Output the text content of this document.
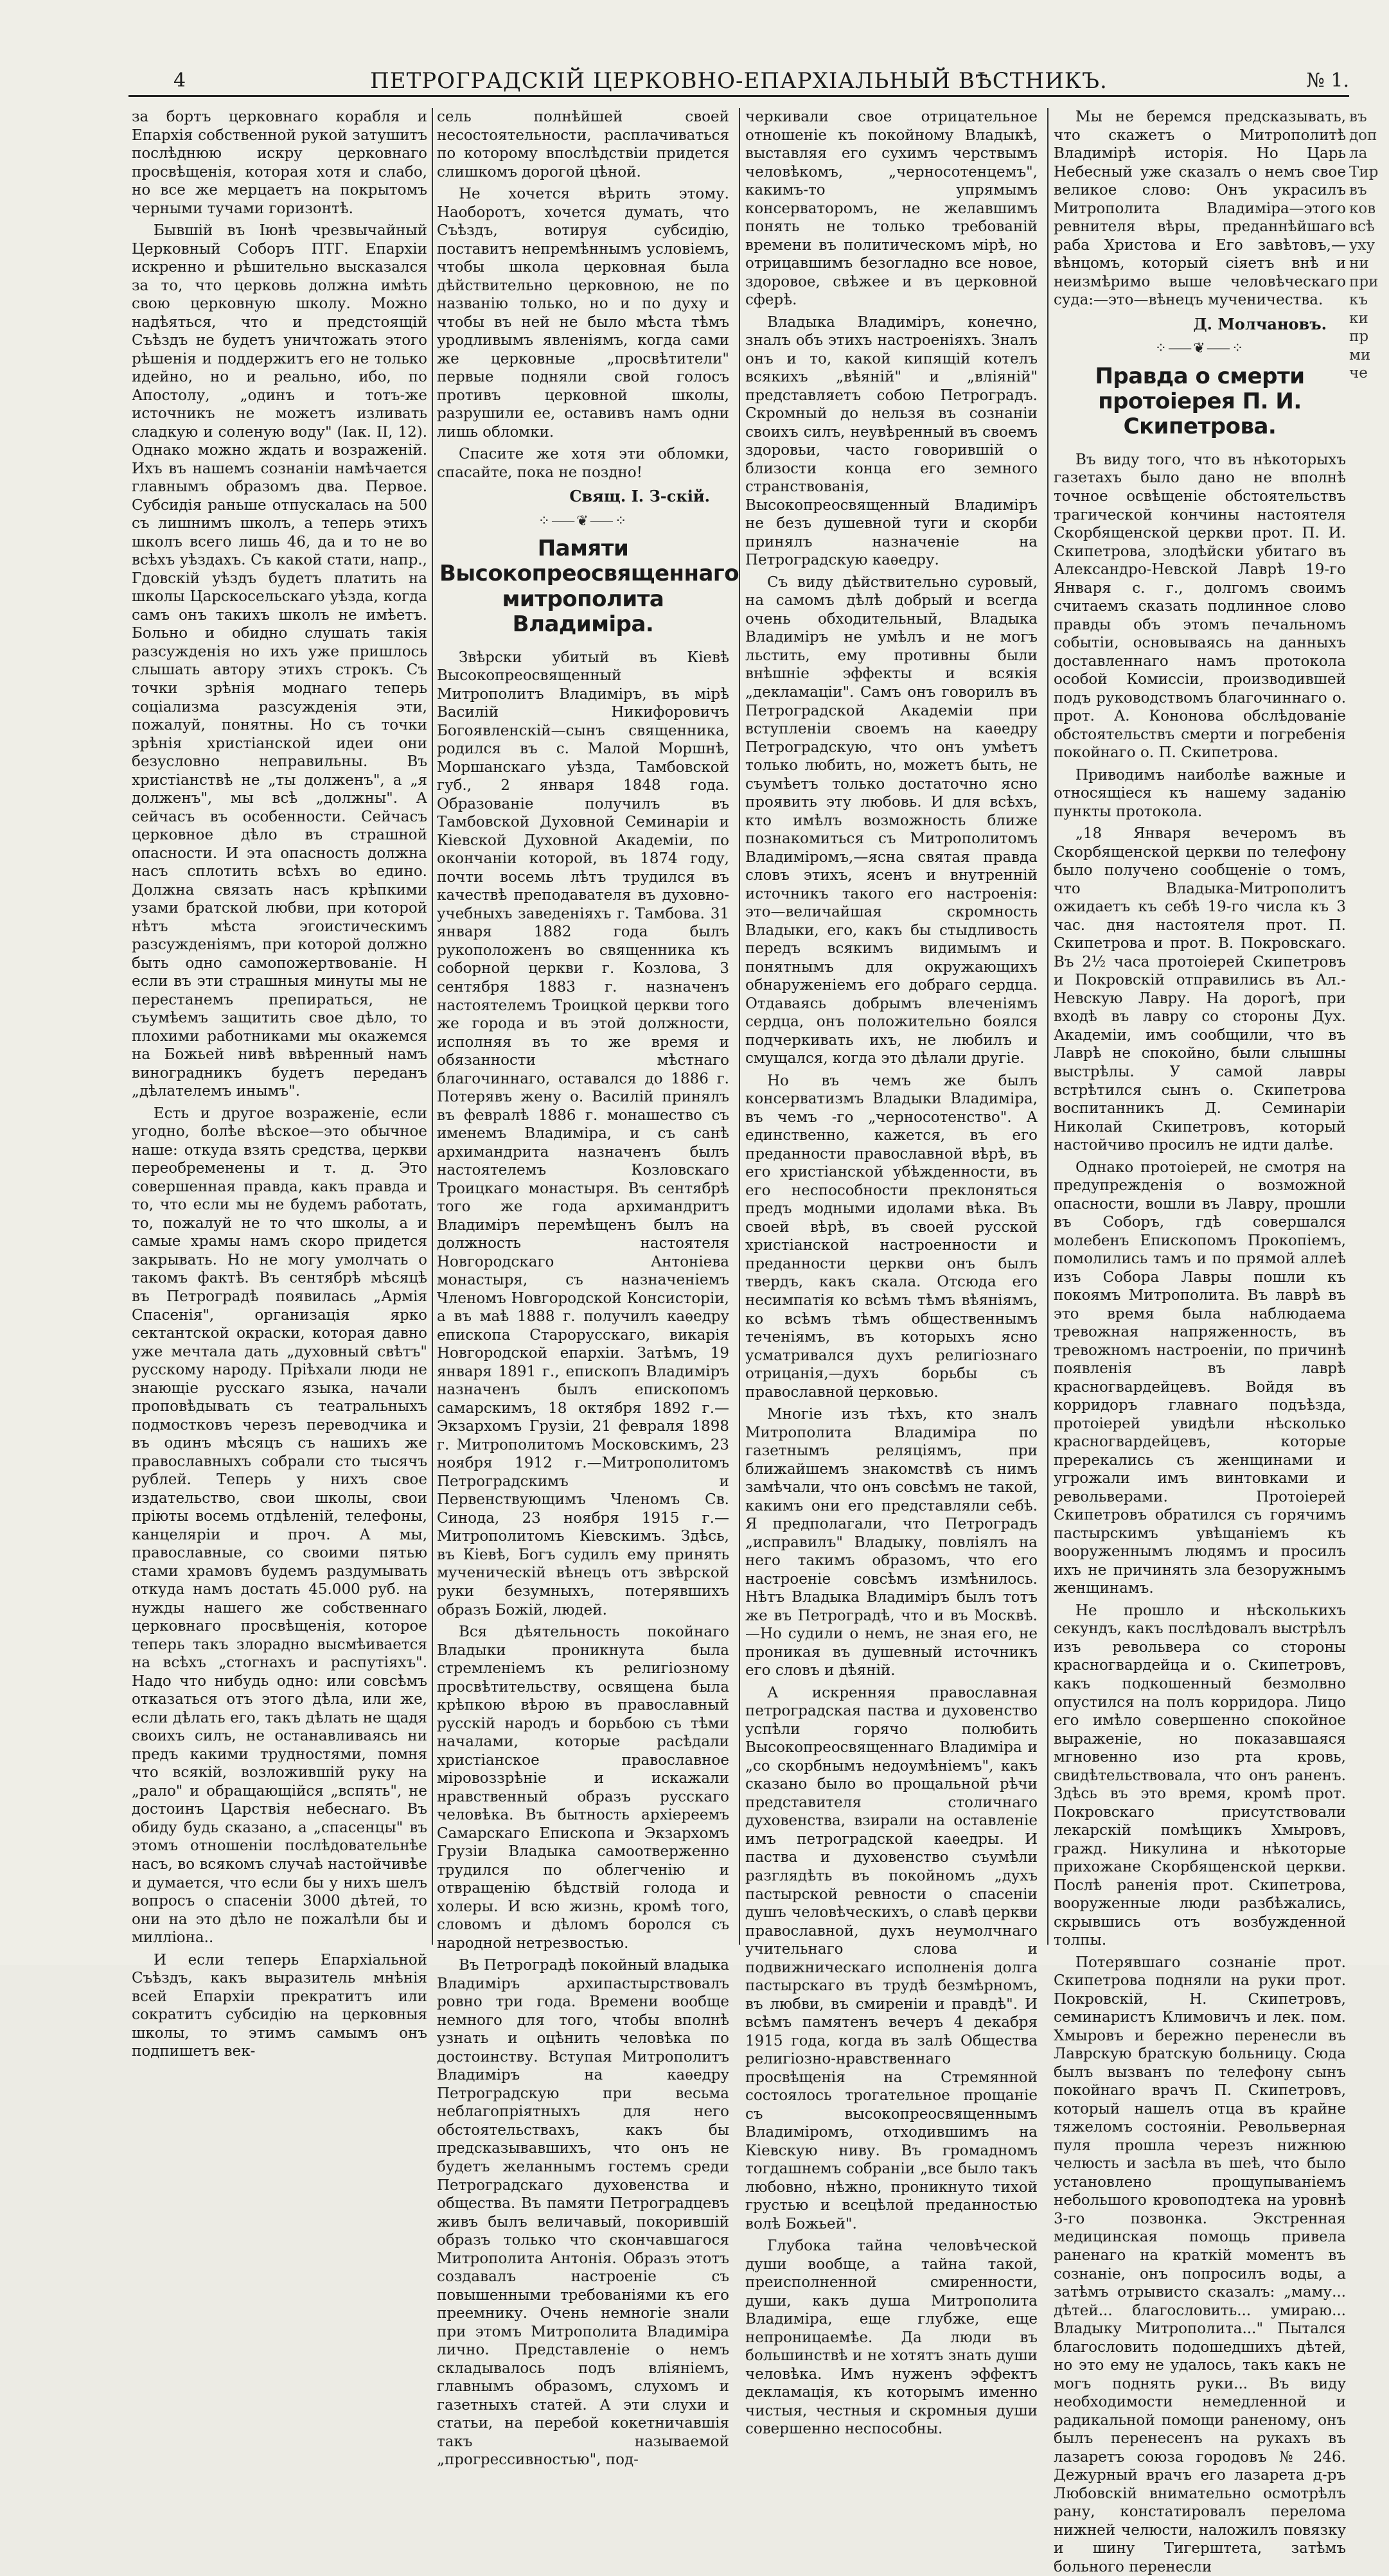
4	ПЕТРОГРАДСКІЙ ЦЕРКОВНО-ЕПАРХІАЛЬНЫЙ ВѢСТНИКЪ.	№ 1.

за бортъ церковнаго корабля и Епархія собственной рукой затушитъ послѣднюю искру церковнаго просвѣщенія, которая хотя и слабо, но все же мерцаетъ на покрытомъ черными тучами горизонтѣ.

Бывшій въ Іюнѣ чрезвычайный Церковный Соборъ ПТГ. Епархіи искренно и рѣшительно высказался за то, что церковь должна имѣть свою церковную школу. Можно надѣяться, что и предстоящій Съѣздъ не будетъ уничтожать этого рѣшенія и поддержитъ его не только идейно, но и реально, ибо, по Апостолу, „одинъ и тотъ-же источникъ не можетъ изливать сладкую и соленую воду" (Іак. II, 12). Однако можно ждать и возраженій. Ихъ въ нашемъ сознаніи намѣчается главнымъ образомъ два. Первое. Субсидія раньше отпускалась на 500 съ лишнимъ школъ, а теперь этихъ школъ всего лишь 46, да и то не во всѣхъ уѣздахъ. Съ какой стати, напр., Гдовскій уѣздъ будетъ платить на школы Царскосельскаго уѣзда, когда самъ онъ такихъ школъ не имѣетъ. Больно и обидно слушать такія разсужденія но ихъ уже пришлось слышать автору этихъ строкъ. Съ точки зрѣнія моднаго теперь соціализма разсужденія эти, пожалуй, понятны. Но съ точки зрѣнія христіанской идеи они безусловно неправильны. Въ христіанствѣ не „ты долженъ", а „я долженъ", мы всѣ „должны". А сейчасъ въ особенности. Сейчасъ церковное дѣло въ страшной опасности. И эта опасность должна насъ сплотить всѣхъ во едино. Должна связать насъ крѣпкими узами братской любви, при которой нѣтъ мѣста эгоистическимъ разсужденіямъ, при которой должно быть одно самопожертвованіе. Н если въ эти страшныя минуты мы не перестанемъ препираться, не съумѣемъ защитить свое дѣло, то плохими работниками мы окажемся на Божьей нивѣ ввѣренный намъ виноградникъ будетъ переданъ „дѣлателемъ инымъ".

Есть и другое возраженіе, если угодно, болѣе вѣское—это обычное наше: откуда взять средства, церкви переобременены и т. д. Это совершенная правда, какъ правда и то, что если мы не будемъ работать, то, пожалуй не то что школы, а и самые храмы намъ скоро придется закрывать. Но не могу умолчать о такомъ фактѣ. Въ сентябрѣ мѣсяцѣ въ Петроградѣ появилась „Армія Спасенія", организація ярко сектантской окраски, которая давно уже мечтала дать „духовный свѣтъ" русскому народу. Пріѣхали люди не знающіе русскаго языка, начали проповѣдывать съ театральныхъ подмостковъ черезъ переводчика и въ одинъ мѣсяцъ съ нашихъ же православныхъ собрали сто тысячъ рублей. Теперь у нихъ свое издательство, свои школы, свои пріюты восемь отдѣленій, телефоны, канцеляріи и проч. А мы, православные, со своими пятью стами храмовъ будемъ раздумывать откуда намъ достать 45.000 руб. на нужды нашего же собственнаго церковнаго просвѣщенія, которое теперь такъ злорадно высмѣивается на всѣхъ „стогнахъ и распутіяхъ". Надо что нибудь одно: или совсѣмъ отказаться отъ этого дѣла, или же, если дѣлать его, такъ дѣлать не щадя своихъ силъ, не останавливаясь ни предъ какими трудностями, помня что всякій, возложившій руку на „рало" и обращающійся „вспять", не достоинъ Царствія небеснаго. Въ обиду будь сказано, а „спасенцы" въ этомъ отношеніи послѣдовательнѣе насъ, во всякомъ случаѣ настойчивѣе и думается, что если бы у нихъ шелъ вопросъ о спасеніи 3000 дѣтей, то они на это дѣло не пожалѣли бы и милліона..

И если теперь Епархіальной Съѣздъ, какъ выразитель мнѣнія всей Епархіи прекратитъ или сократитъ субсидію на церковныя школы, то этимъ самымъ онъ подпишетъ век-

сель полнѣйшей своей несостоятельности, расплачиваться по которому впослѣдствіи придется слишкомъ дорогой цѣной.

Не хочется вѣрить этому. Наоборотъ, хочется думать, что Съѣздъ, вотируя субсидію, поставитъ непремѣннымъ условіемъ, чтобы школа церковная была дѣйствительно церковною, не по названію только, но и по духу и чтобы въ ней не было мѣста тѣмъ уродливымъ явленіямъ, когда сами же церковные „просвѣтители" первые подняли свой голосъ противъ церковной школы, разрушили ее, оставивъ намъ одни лишь обломки.

Спасите же хотя эти обломки, спасайте, пока не поздно!

Свящ. І. З-скій.
⁘⸺❦⸺⁘
Памяти Высокопреосвященнаго митрополита Владиміра.

Звѣрски убитый въ Кіевѣ Высокопреосвященный Митрополитъ Владиміръ, въ мірѣ Василій Никифоровичъ Богоявленскій—сынъ священника, родился въ с. Малой Моршнѣ, Моршанскаго уѣзда, Тамбовской губ., 2 января 1848 года. Образованіе получилъ въ Тамбовской Духовной Семинаріи и Кіевской Духовной Академіи, по окончаніи которой, въ 1874 году, почти восемь лѣтъ трудился въ качествѣ преподавателя въ духовно-учебныхъ заведеніяхъ г. Тамбова. 31 января 1882 года былъ рукоположенъ во священника къ соборной церкви г. Козлова, 3 сентября 1883 г. назначенъ настоятелемъ Троицкой церкви того же города и въ этой должности, исполняя въ то же время и обязанности мѣстнаго благочиннаго, оставался до 1886 г. Потерявъ жену о. Василій принялъ въ февралѣ 1886 г. монашество съ именемъ Владиміра, и съ санѣ архимандрита назначенъ былъ настоятелемъ Козловскаго Троицкаго монастыря. Въ сентябрѣ того же года архимандритъ Владиміръ перемѣщенъ былъ на должность настоятеля Новгородскаго Антоніева монастыря, съ назначеніемъ Членомъ Новгородской Консисторіи, а въ маѣ 1888 г. получилъ каѳедру епископа Старорусскаго, викарія Новгородской епархіи. Затѣмъ, 19 января 1891 г., епископъ Владиміръ назначенъ былъ епископомъ самарскимъ, 18 октября 1892 г.—Экзархомъ Грузіи, 21 февраля 1898 г. Митрополитомъ Московскимъ, 23 ноября 1912 г.—Митрополитомъ Петроградскимъ и Первенствующимъ Членомъ Св. Синода, 23 ноября 1915 г.—Митрополитомъ Кіевскимъ. Здѣсь, въ Кіевѣ, Богъ судилъ ему принять мученическій вѣнецъ отъ звѣрской руки безумныхъ, потерявшихъ образъ Божій, людей.

Вся дѣятельность покойнаго Владыки проникнута была стремленіемъ къ религіозному просвѣтительству, освящена была крѣпкою вѣрою въ православный русскій народъ и борьбою съ тѣми началами, которые расѣдали христіанское православное міровоззрѣніе и искажали нравственный образъ русскаго человѣка. Въ бытность архіереемъ Самарскаго Епископа и Экзархомъ Грузіи Владыка самоотверженно трудился по облегченію и отвращенію бѣдствій голода и холеры. И всю жизнь, кромѣ того, словомъ и дѣломъ боролся съ народной нетрезвостью.

Въ Петроградѣ покойный владыка Владиміръ архипастырствовалъ ровно три года. Времени вообще немного для того, чтобы вполнѣ узнать и оцѣнить человѣка по достоинству. Вступая Митрополитъ Владиміръ на каѳедру Петроградскую при весьма неблагопріятныхъ для него обстоятельствахъ, какъ бы предсказывавшихъ, что онъ не будетъ желаннымъ гостемъ среди Петроградскаго духовенства и общества. Въ памяти Петроградцевъ живъ былъ величавый, покорившій образъ только что скончавшагося Митрополита Антонія. Образъ этотъ создавалъ настроеніе съ повышенными требованіями къ его преемнику. Очень немногіе знали при этомъ Митрополита Владиміра лично. Представленіе о немъ складывалось подъ вліяніемъ, главнымъ образомъ, слухомъ и газетныхъ статей. А эти слухи и статьи, на перебой кокетничавшія такъ называемой „прогрессивностью", под-

черкивали свое отрицательное отношеніе къ покойному Владыкѣ, выставляя его сухимъ черствымъ человѣкомъ, „черносотенцемъ", какимъ-то упрямымъ консерваторомъ, не желавшимъ понять не только требованій времени въ политическомъ мірѣ, но отрицавшимъ безогладно все новое, здоровое, свѣжее и въ церковной сферѣ.

Владыка Владиміръ, конечно, зналъ объ этихъ настроеніяхъ. Зналъ онъ и то, какой кипящій котелъ всякихъ „вѣяній" и „вліяній" представляетъ собою Петроградъ. Скромный до нельзя въ сознаніи своихъ силъ, неувѣренный въ своемъ здоровьи, часто говорившій о близости конца его земного странствованія, Высокопреосвященный Владиміръ не безъ душевной туги и скорби принялъ назначеніе на Петроградскую каѳедру.

Съ виду дѣйствительно суровый, на самомъ дѣлѣ добрый и всегда очень обходительный, Владыка Владиміръ не умѣлъ и не могъ льстить, ему противны были внѣшніе эффекты и всякія „декламаціи". Самъ онъ говорилъ въ Петроградской Академіи при вступленіи своемъ на каѳедру Петроградскую, что онъ умѣетъ только любить, но, можетъ быть, не съумѣетъ только достаточно ясно проявить эту любовь. И для всѣхъ, кто имѣлъ возможность ближе познакомиться съ Митрополитомъ Владиміромъ,—ясна святая правда словъ этихъ, ясенъ и внутренній источникъ такого его настроенія: это—величайшая скромность Владыки, его, какъ бы стыдливость передъ всякимъ видимымъ и понятнымъ для окружающихъ обнаруженіемъ его добраго сердца. Отдаваясь добрымъ влеченіямъ сердца, онъ положительно боялся подчеркивать ихъ, не любилъ и смущался, когда это дѣлали другіе.

Но въ чемъ же былъ консерватизмъ Владыки Владиміра, въ чемъ -го „черносотенство". А единственно, кажется, въ его преданности православной вѣрѣ, въ его христіанской убѣжденности, въ его неспособности преклоняться предъ модными идолами вѣка. Въ своей вѣрѣ, въ своей русской христіанской настроенности и преданности церкви онъ былъ твердъ, какъ скала. Отсюда его несимпатія ко всѣмъ тѣмъ вѣяніямъ, ко всѣмъ тѣмъ общественнымъ теченіямъ, въ которыхъ ясно усматривался духъ религіознаго отрицанія,—духъ борьбы съ православной церковью.

Многіе изъ тѣхъ, кто зналъ Митрополита Владиміра по газетнымъ реляціямъ, при ближайшемъ знакомствѣ съ нимъ замѣчали, что онъ совсѣмъ не такой, какимъ они его представляли себѣ. Я предполагали, что Петроградъ „исправилъ" Владыку, повліялъ на него такимъ образомъ, что его настроеніе совсѣмъ измѣнилось. Нѣтъ Владыка Владиміръ былъ тотъ же въ Петроградѣ, что и въ Москвѣ.—Но судили о немъ, не зная его, не проникая въ душевный источникъ его словъ и дѣяній.

А искренняя православная петроградская паства и духовенство успѣли горячо полюбить Высокопреосвященнаго Владиміра и „со скорбнымъ недоумѣніемъ", какъ сказано было во прощальной рѣчи представителя столичнаго духовенства, взирали на оставленіе имъ петроградской каѳедры. И паства и духовенство съумѣли разглядѣть въ покойномъ „духъ пастырской ревности о спасеніи душъ человѣческихъ, о славѣ церкви православной, духъ неумолчнаго учительнаго слова и подвижническаго исполненія долга пастырскаго въ трудѣ безмѣрномъ, въ любви, въ смиреніи и правдѣ". И всѣмъ памятенъ вечеръ 4 декабря 1915 года, когда въ залѣ Общества религіозно-нравственнаго просвѣщенія на Стремянной состоялось трогательное прощаніе съ высокопреосвященнымъ Владиміромъ, отходившимъ на Кіевскую ниву. Въ громадномъ тогдашнемъ собраніи „все было такъ любовно, нѣжно, проникнуто тихой грустью и всецѣлой преданностью волѣ Божьей".

Глубока тайна человѣческой души вообще, а тайна такой, преисполненной смиренности, души, какъ душа Митрополита Владиміра, еще глубже, еще непроницаемѣе. Да люди въ большинствѣ и не хотятъ знать души человѣка. Имъ нуженъ эффектъ декламація, къ которымъ именно чистыя, честныя и скромныя души совершенно неспособны.

Мы не беремся предсказывать, что скажетъ о Митрополитѣ Владимірѣ исторія. Но Царь Небесный уже сказалъ о немъ свое великое слово: Онъ украсилъ Митрополита Владиміра—этого ревнителя вѣры, преданнѣйшаго раба Христова и Его завѣтовъ,—вѣнцомъ, который сіяетъ внѣ и неизмѣримо выше человѣческаго суда:—это—вѣнецъ мученичества.

Д. Молчановъ.
⁘⸺❦⸺⁘
Правда о смерти протоіерея П. И. Скипетрова.

Въ виду того, что въ нѣкоторыхъ газетахъ было дано не вполнѣ точное освѣщеніе обстоятельствъ трагической кончины настоятеля Скорбященской церкви прот. П. И. Скипетрова, злодѣйски убитаго въ Александро-Невской Лаврѣ 19-го Января с. г., долгомъ своимъ считаемъ сказать подлинное слово правды объ этомъ печальномъ событіи, основываясь на данныхъ доставленнаго намъ протокола особой Комиссіи, производившей подъ руководствомъ благочиннаго о. прот. А. Кононова обслѣдованіе обстоятельствъ смерти и погребенія покойнаго о. П. Скипетрова.

Приводимъ наиболѣе важные и относящіеся къ нашему заданію пункты протокола.

„18 Января вечеромъ въ Скорбященской церкви по телефону было получено сообщеніе о томъ, что Владыка-Митрополитъ ожидаетъ къ себѣ 19-го числа къ 3 час. дня настоятеля прот. П. Скипетрова и прот. В. Покровскаго. Въ 2½ часа протоіерей Скипетровъ и Покровскій отправились въ Ал.-Невскую Лавру. На дорогѣ, при входѣ въ лавру со стороны Дух. Академіи, имъ сообщили, что въ Лаврѣ не спокойно, были слышны выстрѣлы. У самой лавры встрѣтился сынъ о. Скипетрова воспитанникъ Д. Семинаріи Николай Скипетровъ, который настойчиво просилъ не идти далѣе.

Однако протоіерей, не смотря на предупрежденія о возможной опасности, вошли въ Лавру, прошли въ Соборъ, гдѣ совершался молебенъ Епископомъ Прокопіемъ, помолились тамъ и по прямой аллеѣ изъ Собора Лавры пошли къ покоямъ Митрополита. Въ лаврѣ въ это время была наблюдаема тревожная напряженность, въ тревожномъ настроеніи, по причинѣ появленія въ лаврѣ красногвардейцевъ. Войдя въ корридоръ главнаго подъѣзда, протоіерей увидѣли нѣсколько красногвардейцевъ, которые пререкались съ женщинами и угрожали имъ винтовками и револьверами. Протоіерей Скипетровъ обратился съ горячимъ пастырскимъ увѣщаніемъ къ вооруженнымъ людямъ и просилъ ихъ не причинять зла безоружнымъ женщинамъ.

Не прошло и нѣсколькихъ секундъ, какъ послѣдовалъ выстрѣлъ изъ револьвера со стороны красногвардейца и о. Скипетровъ, какъ подкошенный безмолвно опустился на полъ корридора. Лицо его имѣло совершенно спокойное выраженіе, но показавшаяся мгновенно изо рта кровь, свидѣтельствовала, что онъ раненъ. Здѣсь въ это время, кромѣ прот. Покровскаго присутствовали лекарскій помѣщикъ Хмыровъ, гражд. Никулина и нѣкоторые прихожане Скорбященской церкви. Послѣ раненія прот. Скипетрова, вооруженные люди разбѣжались, скрывшись отъ возбужденной толпы.

Потерявшаго сознаніе прот. Скипетрова подняли на руки прот. Покровскій, Н. Скипетровъ, семинаристъ Климовичъ и лек. пом. Хмыровъ и бережно перенесли въ Лаврскую братскую больницу. Сюда былъ вызванъ по телефону сынъ покойнаго врачъ П. Скипетровъ, который нашелъ отца въ крайне тяжеломъ состояніи. Револьверная пуля прошла черезъ нижнюю челюсть и засѣла въ шеѣ, что было установлено прощупываніемъ небольшого кровоподтека на уровнѣ 3-го позвонка. Экстренная медицинская помощь привела раненаго на краткій моментъ въ сознаніе, онъ попросилъ воды, а затѣмъ отрывисто сказалъ: „маму... дѣтей... благословить... умираю... Владыку Митрополита..." Пытался благословить подошедшихъ дѣтей, но это ему не удалось, такъ какъ не могъ поднять руки... Въ виду необходимости немедленной и радикальной помощи раненому, онъ былъ перенесенъ на рукахъ въ лазаретъ союза городовъ № 246. Дежурный врачъ его лазарета д-ръ Любовскій внимательно осмотрѣлъ рану, констатировалъ перелома нижней челюсти, наложилъ повязку и шину Тигерштета, затѣмъ больного перенесли

въ
доп
ла
Тир
въ
ков
всѣ
уху
ни
при
къ
ки
пр
ми
че
